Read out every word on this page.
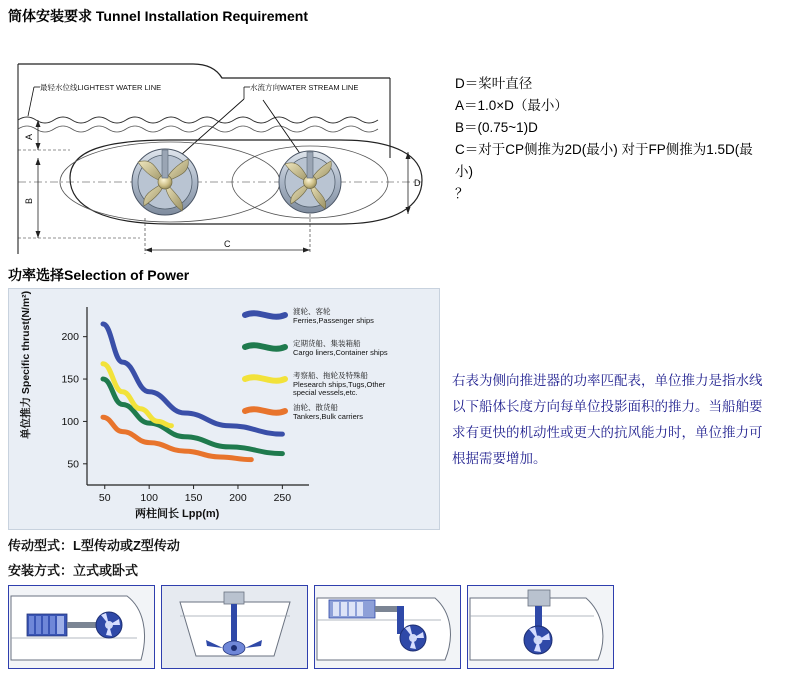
筒体安装要求 Tunnel Installation Requirement
最轻水位线LIGHTEST WATER LINE	水流方向WATER STREAM LINE
A
B
C
D
D＝桨叶直径
A＝1.0×D（最小）
B＝(0.75~1)D
C＝对于CP侧推为2D(最小) 对于FP侧推为1.5D(最
小)
？
功率选择Selection of Power
50
100
150
200
50	100	150	200	250
渡轮、客轮
Ferries,Passenger ships
定期货船、集装箱船
Cargo liners,Container ships
考察船、拖轮及特殊船
Plesearch ships,Tugs,Other
special vessels,etc.
油轮、散货船
Tankers,Bulk carriers
两柱间长 Lpp(m)
单位推力 Specific thrust(N/m²)	右表为侧向推进器的功率匹配表，单位推力是指水线以下船体长度方向每单位投影面积的推力。当船舶要求有更快的机动性或更大的抗风能力时，单位推力可根据需要增加。
传动型式：L型传动或Z型传动
安装方式：立式或卧式
